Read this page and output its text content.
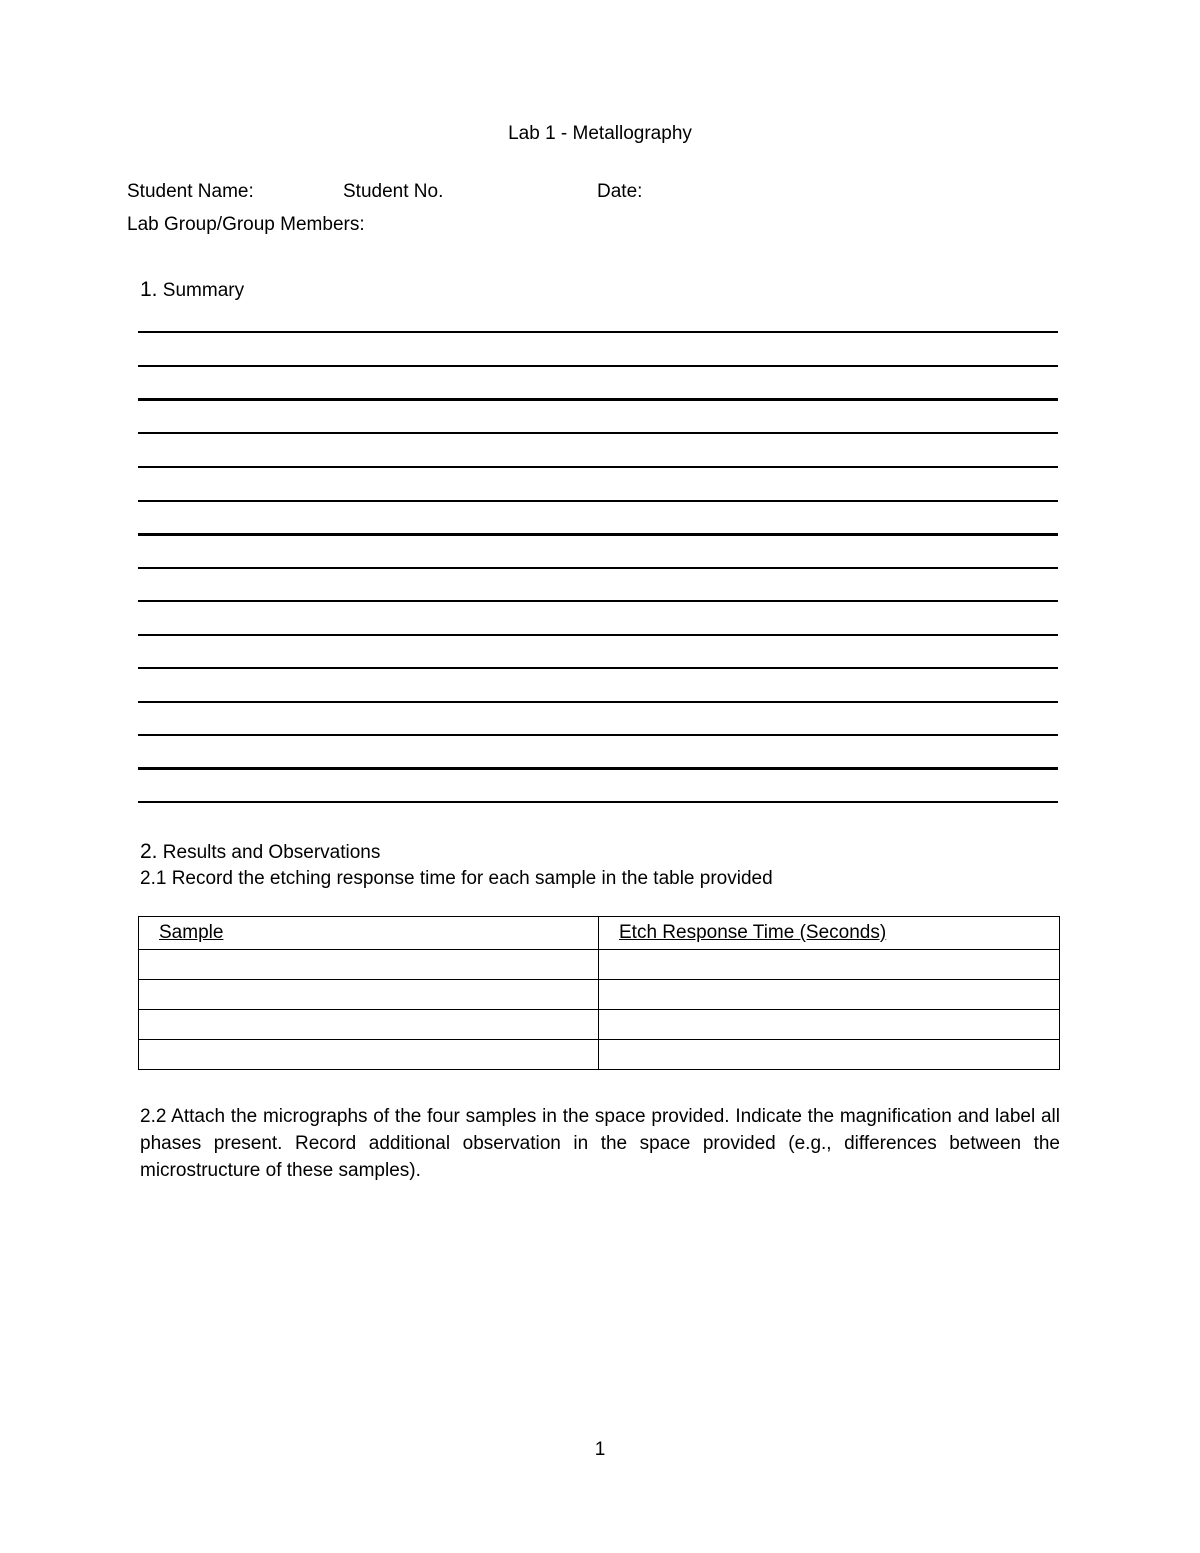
Lab 1 - Metallography
Student Name:	Student No.	Date:
Lab Group/Group Members:
1. Summary
2. Results and Observations
2.1 Record the etching response time for each sample in the table provided
Sample	Etch Response Time (Seconds)

2.2 Attach the micrographs of the four samples in the space provided. Indicate the magnification and label all phases present. Record additional observation in the space provided (e.g., differences between the microstructure of these samples).
1
